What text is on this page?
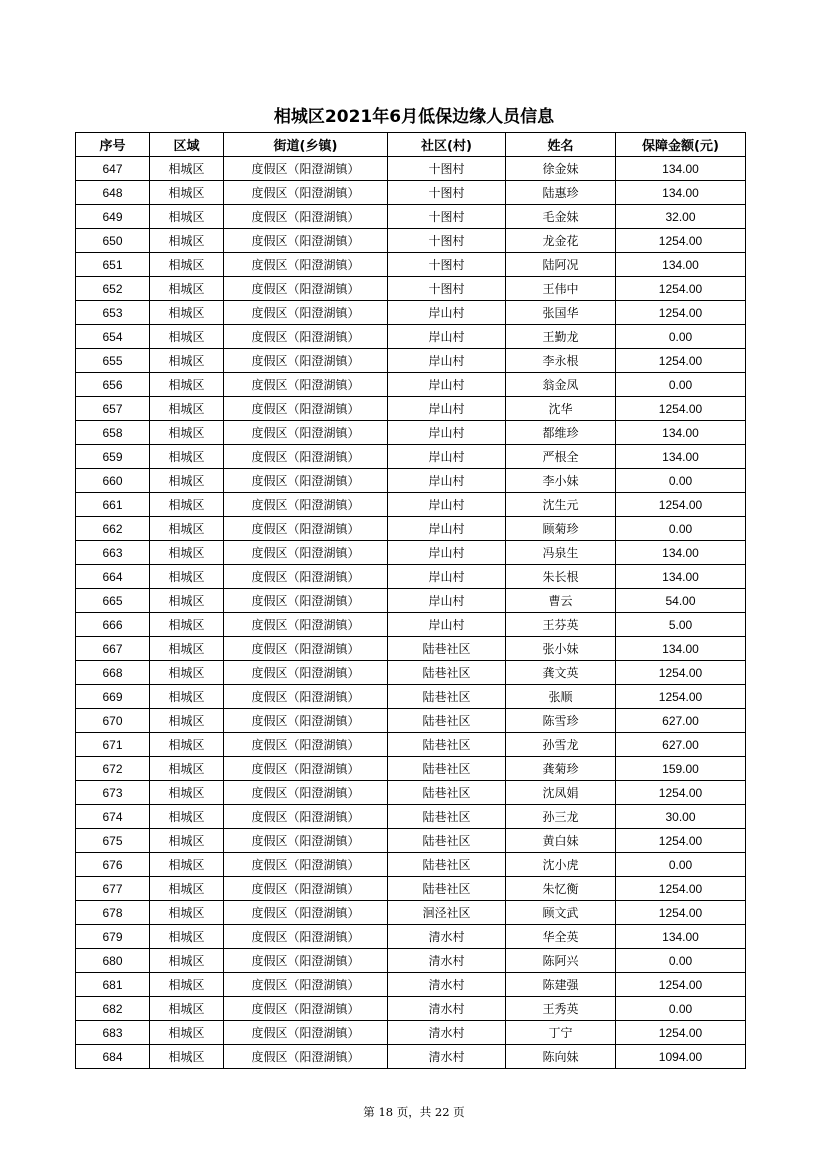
相城区2021年6月低保边缘人员信息
序号	区域	街道(乡镇)	社区(村)	姓名	保障金额(元)
647	相城区	度假区（阳澄湖镇）	十图村	徐金妹	134.00
648	相城区	度假区（阳澄湖镇）	十图村	陆惠珍	134.00
649	相城区	度假区（阳澄湖镇）	十图村	毛金妹	32.00
650	相城区	度假区（阳澄湖镇）	十图村	龙金花	1254.00
651	相城区	度假区（阳澄湖镇）	十图村	陆阿况	134.00
652	相城区	度假区（阳澄湖镇）	十图村	王伟中	1254.00
653	相城区	度假区（阳澄湖镇）	岸山村	张国华	1254.00
654	相城区	度假区（阳澄湖镇）	岸山村	王勤龙	0.00
655	相城区	度假区（阳澄湖镇）	岸山村	李永根	1254.00
656	相城区	度假区（阳澄湖镇）	岸山村	翁金凤	0.00
657	相城区	度假区（阳澄湖镇）	岸山村	沈华	1254.00
658	相城区	度假区（阳澄湖镇）	岸山村	都维珍	134.00
659	相城区	度假区（阳澄湖镇）	岸山村	严根全	134.00
660	相城区	度假区（阳澄湖镇）	岸山村	李小妹	0.00
661	相城区	度假区（阳澄湖镇）	岸山村	沈生元	1254.00
662	相城区	度假区（阳澄湖镇）	岸山村	顾菊珍	0.00
663	相城区	度假区（阳澄湖镇）	岸山村	冯泉生	134.00
664	相城区	度假区（阳澄湖镇）	岸山村	朱长根	134.00
665	相城区	度假区（阳澄湖镇）	岸山村	曹云	54.00
666	相城区	度假区（阳澄湖镇）	岸山村	王芬英	5.00
667	相城区	度假区（阳澄湖镇）	陆巷社区	张小妹	134.00
668	相城区	度假区（阳澄湖镇）	陆巷社区	龚文英	1254.00
669	相城区	度假区（阳澄湖镇）	陆巷社区	张顺	1254.00
670	相城区	度假区（阳澄湖镇）	陆巷社区	陈雪珍	627.00
671	相城区	度假区（阳澄湖镇）	陆巷社区	孙雪龙	627.00
672	相城区	度假区（阳澄湖镇）	陆巷社区	龚菊珍	159.00
673	相城区	度假区（阳澄湖镇）	陆巷社区	沈凤娟	1254.00
674	相城区	度假区（阳澄湖镇）	陆巷社区	孙三龙	30.00
675	相城区	度假区（阳澄湖镇）	陆巷社区	黄白妹	1254.00
676	相城区	度假区（阳澄湖镇）	陆巷社区	沈小虎	0.00
677	相城区	度假区（阳澄湖镇）	陆巷社区	朱忆衡	1254.00
678	相城区	度假区（阳澄湖镇）	洄泾社区	顾文武	1254.00
679	相城区	度假区（阳澄湖镇）	清水村	华全英	134.00
680	相城区	度假区（阳澄湖镇）	清水村	陈阿兴	0.00
681	相城区	度假区（阳澄湖镇）	清水村	陈建强	1254.00
682	相城区	度假区（阳澄湖镇）	清水村	王秀英	0.00
683	相城区	度假区（阳澄湖镇）	清水村	丁宁	1254.00
684	相城区	度假区（阳澄湖镇）	清水村	陈向妹	1094.00
第 18 页，共 22 页
